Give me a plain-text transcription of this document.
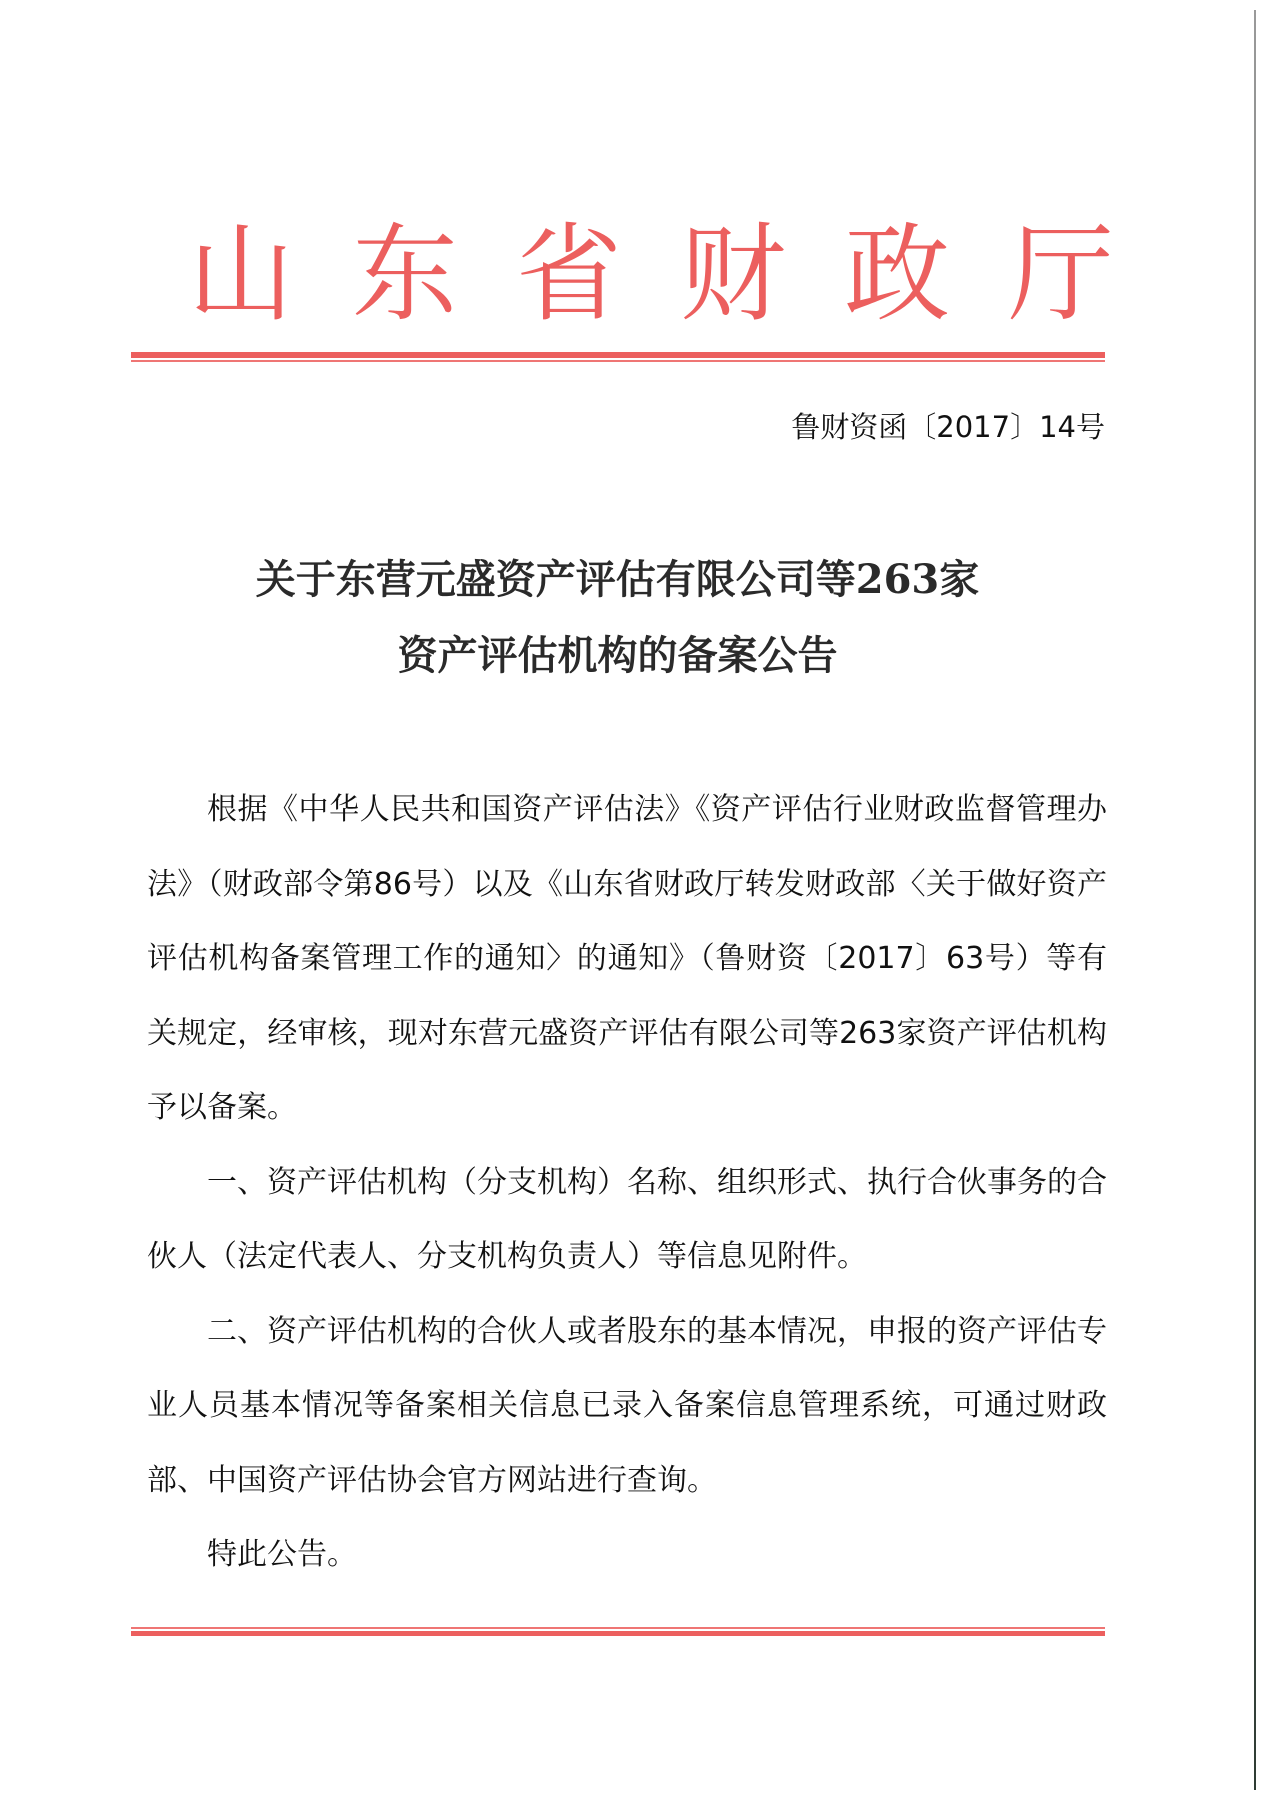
山东省财政厅
鲁财资函〔2017〕14号
关于东营元盛资产评估有限公司等263家
资产评估机构的备案公告

根据《中华人民共和国资产评估法》《资产评估行业财政监督管理办法》（财政部令第86号）以及《山东省财政厅转发财政部〈关于做好资产评估机构备案管理工作的通知〉的通知》（鲁财资〔2017〕63号）等有关规定，经审核，现对东营元盛资产评估有限公司等263家资产评估机构予以备案。

一、资产评估机构（分支机构）名称、组织形式、执行合伙事务的合伙人（法定代表人、分支机构负责人）等信息见附件。

二、资产评估机构的合伙人或者股东的基本情况，申报的资产评估专业人员基本情况等备案相关信息已录入备案信息管理系统，可通过财政部、中国资产评估协会官方网站进行查询。

特此公告。
